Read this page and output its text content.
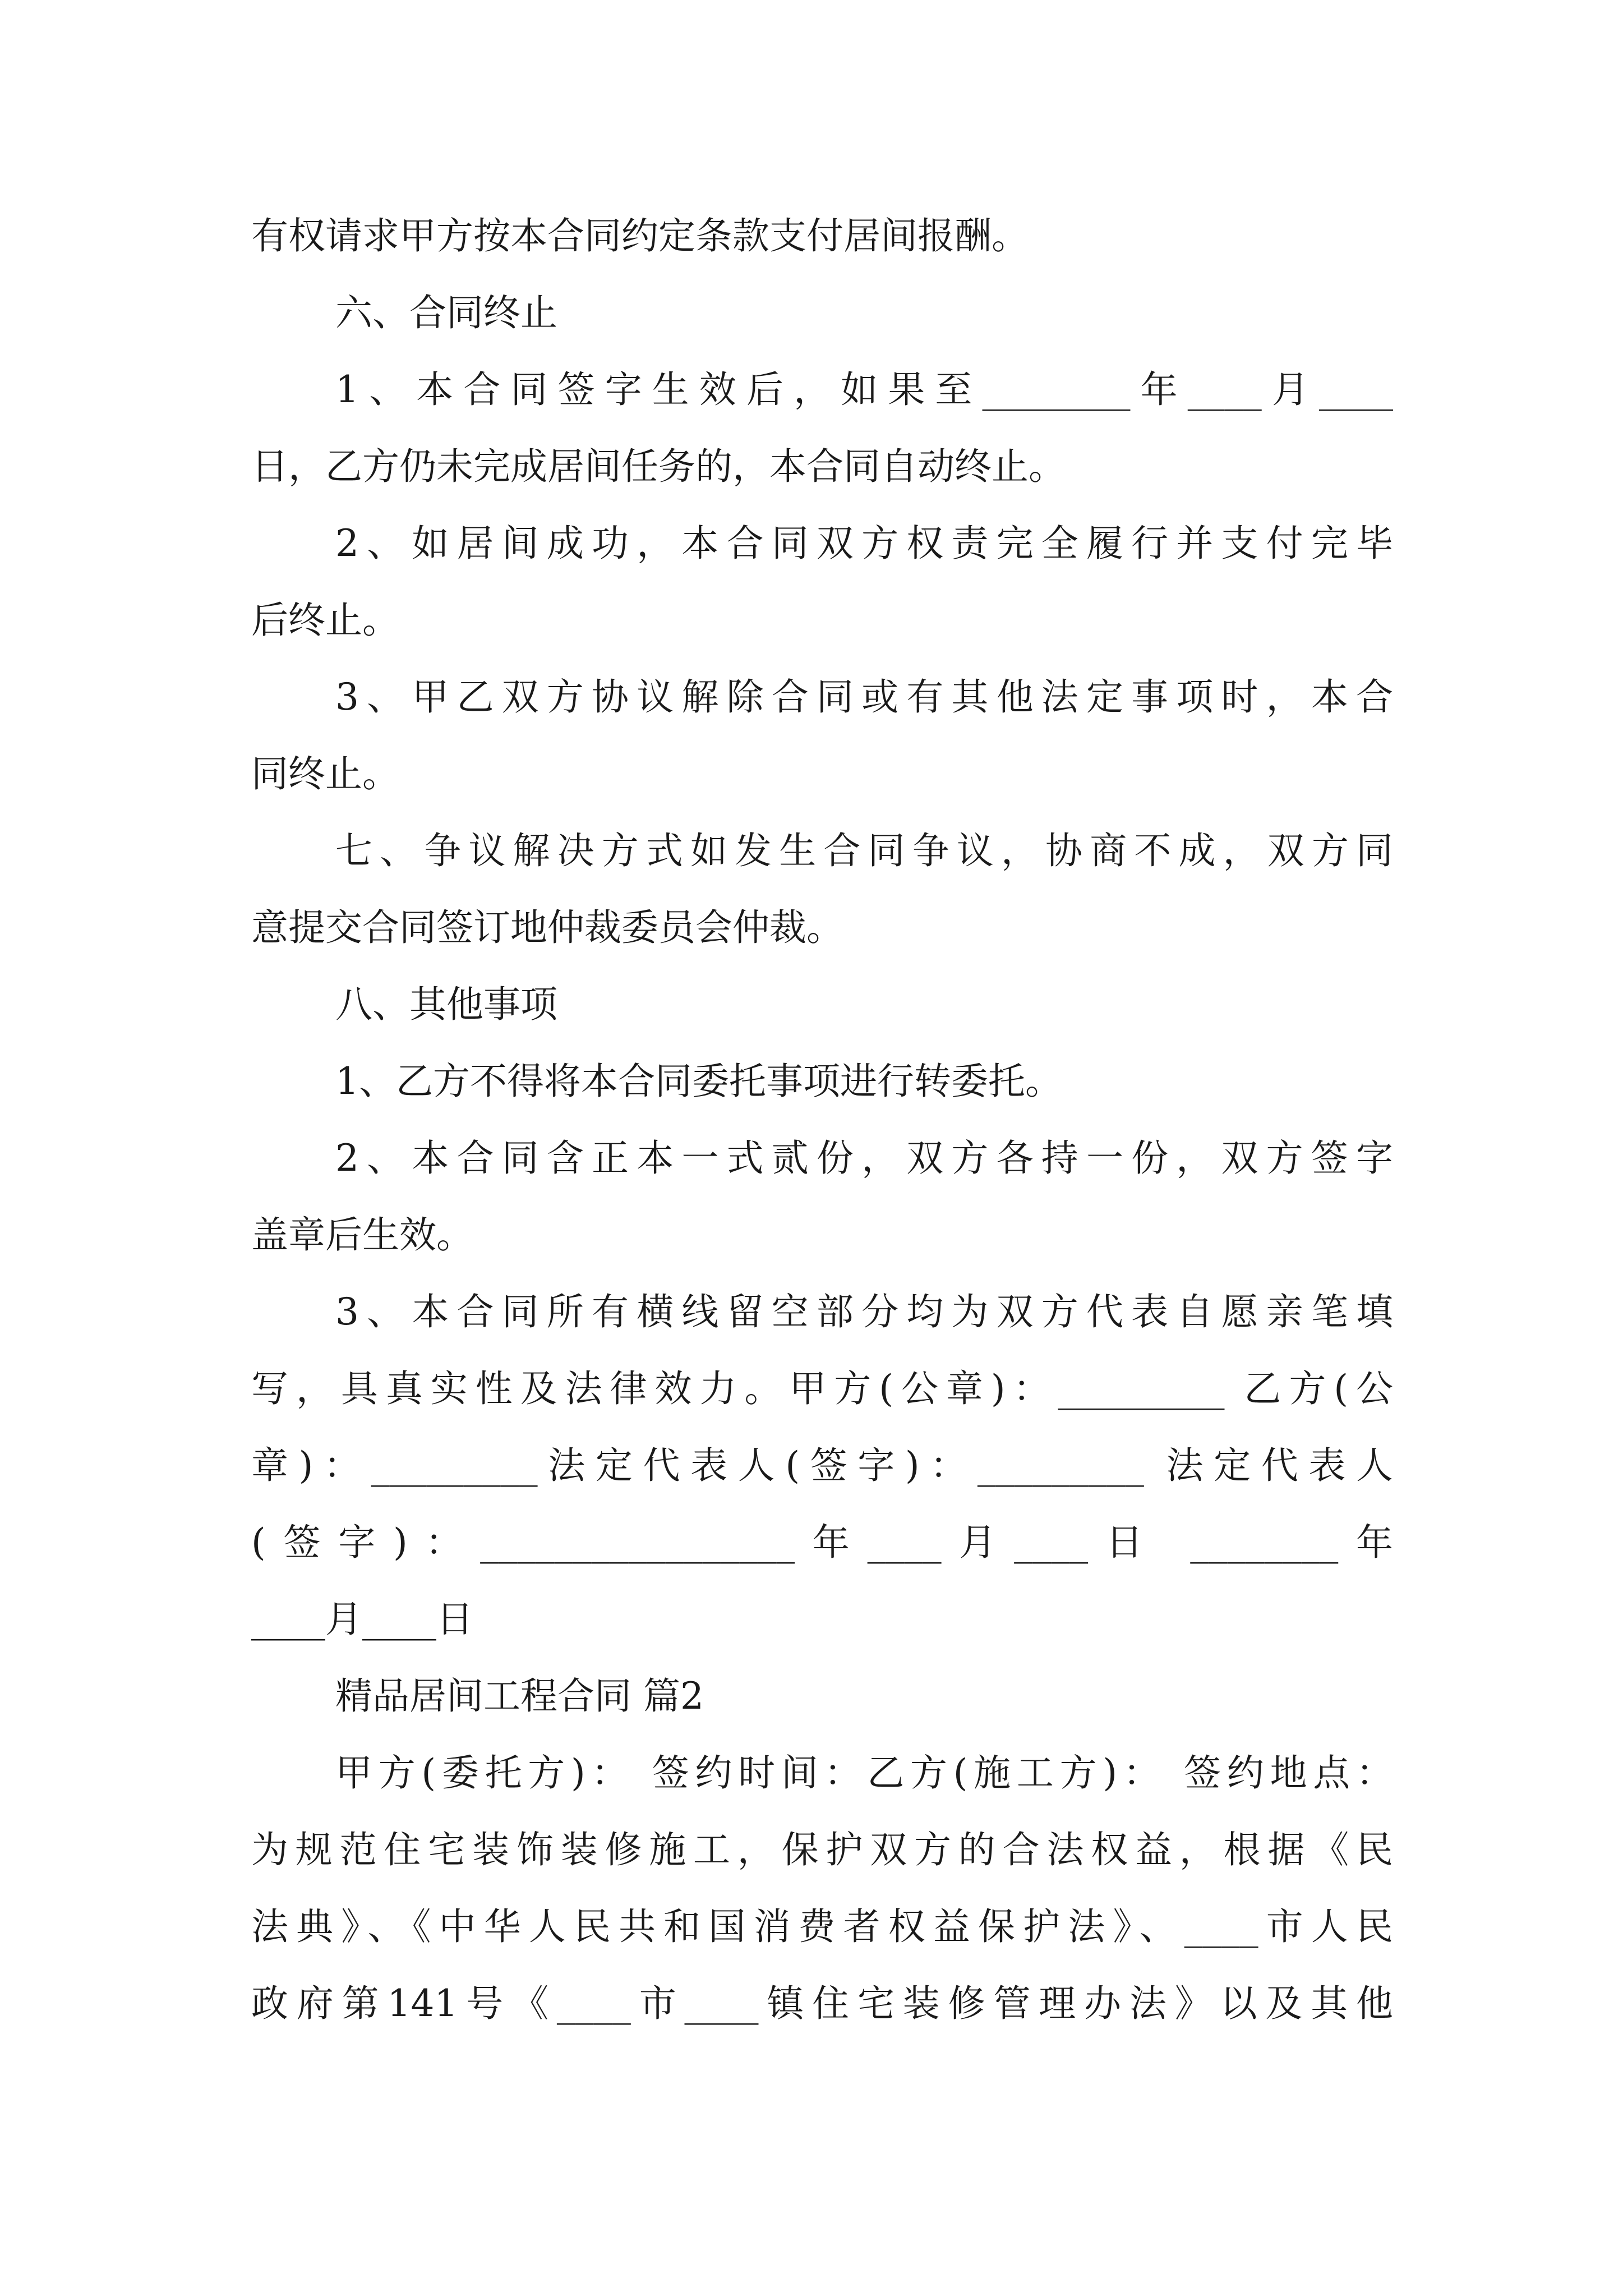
有权请求甲方按本合同约定条款支付居间报酬。
六、合同终止
1、本合同签字生效后，如果至________年____月____
日，乙方仍未完成居间任务的，本合同自动终止。
2、如居间成功，本合同双方权责完全履行并支付完毕
后终止。
3、甲乙双方协议解除合同或有其他法定事项时，本合
同终止。
七、争议解决方式如发生合同争议，协商不成，双方同
意提交合同签订地仲裁委员会仲裁。
八、其他事项
1、乙方不得将本合同委托事项进行转委托。
2、本合同含正本一式贰份，双方各持一份，双方签字
盖章后生效。
3、本合同所有横线留空部分均为双方代表自愿亲笔填
写，具真实性及法律效力。甲方(公章)：_________ 乙方(公
章)：_________法定代表人(签字)：_________ 法定代表人
(签字)：_________________年____月____日 ________年
____月____日
精品居间工程合同 篇2
甲方(委托方)： 签约时间：乙方(施工方)： 签约地点：
为规范住宅装饰装修施工，保护双方的合法权益，根据《民
法典》、《中华人民共和国消费者权益保护法》、____市人民
政府第141号《____市____镇住宅装修管理办法》以及其他
